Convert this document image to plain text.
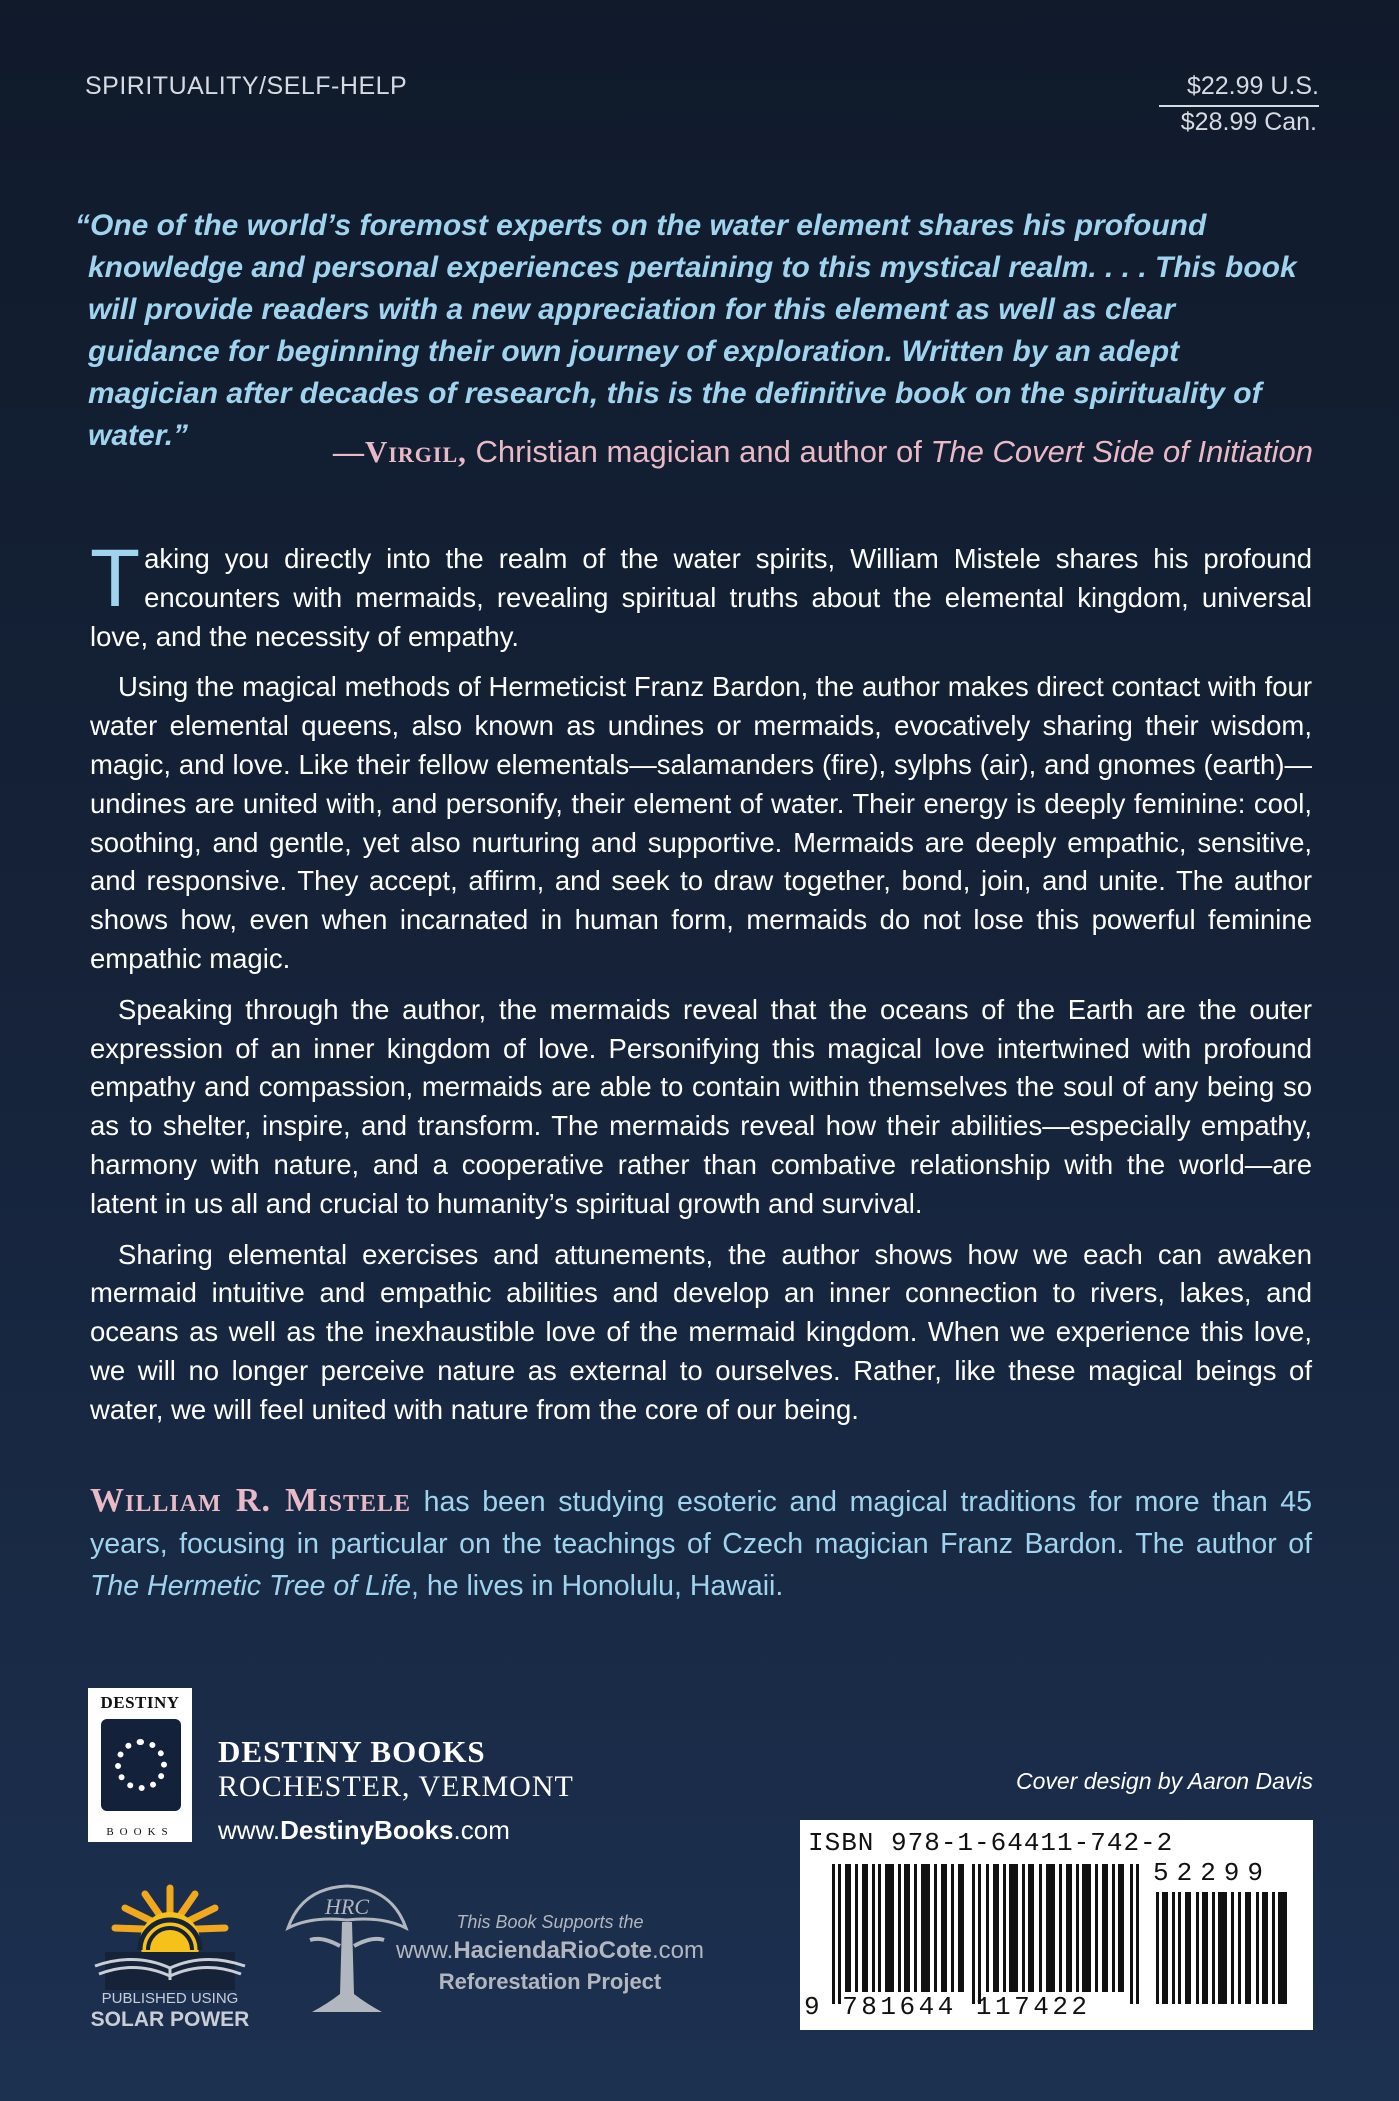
SPIRITUALITY/SELF-HELP	$22.99 U.S.
$28.99 Can.
“One of the world’s foremost experts on the water element shares his profound knowledge and personal experiences pertaining to this mystical realm. . . . This book will provide readers with a new appreciation for this element as well as clear guidance for beginning their own journey of exploration. Written by an adept magician after decades of research, this is the definitive book on the spirituality of water.”	—Virgil, Christian magician and author of The Covert Side of Initiation

Taking you directly into the realm of the water spirits, William Mistele shares his profound encounters with mermaids, revealing spiritual truths about the elemental kingdom, universal love, and the necessity of empathy.

Using the magical methods of Hermeticist Franz Bardon, the author makes direct contact with four water elemental queens, also known as undines or mermaids, evocatively sharing their wisdom, magic, and love. Like their fellow elementals—salamanders (fire), sylphs (air), and gnomes (earth)—undines are united with, and personify, their element of water. Their energy is deeply feminine: cool, soothing, and gentle, yet also nurturing and supportive. Mermaids are deeply empathic, sensitive, and responsive. They accept, affirm, and seek to draw together, bond, join, and unite. The author shows how, even when incarnated in human form, mermaids do not lose this powerful feminine empathic magic.

Speaking through the author, the mermaids reveal that the oceans of the Earth are the outer expression of an inner kingdom of love. Personifying this magical love intertwined with profound empathy and compassion, mermaids are able to contain within themselves the soul of any being so as to shelter, inspire, and transform. The mermaids reveal how their abilities—especially empathy, harmony with nature, and a cooperative rather than combative relationship with the world—are latent in us all and crucial to humanity’s spiritual growth and survival.

Sharing elemental exercises and attunements, the author shows how we each can awaken mermaid intuitive and empathic abilities and develop an inner connection to rivers, lakes, and oceans as well as the inexhaustible love of the mermaid kingdom. When we experience this love, we will no longer perceive nature as external to ourselves. Rather, like these magical beings of water, we will feel united with nature from the core of our being.

William R. Mistele has been studying esoteric and magical traditions for more than 45 years, focusing in particular on the teachings of Czech magician Franz Bardon. The author of The Hermetic Tree of Life, he lives in Honolulu, Hawaii.
DESTINY
BOOKS
DESTINY BOOKS
ROCHESTER, VERMONT
www.DestinyBooks.com
PUBLISHED USING
SOLAR POWER
HRC
This Book Supports the
www.HaciendaRioCote.com
Reforestation Project
Cover design by Aaron Davis
ISBN 978-1-64411-742-2
52299
9 781644 117422
